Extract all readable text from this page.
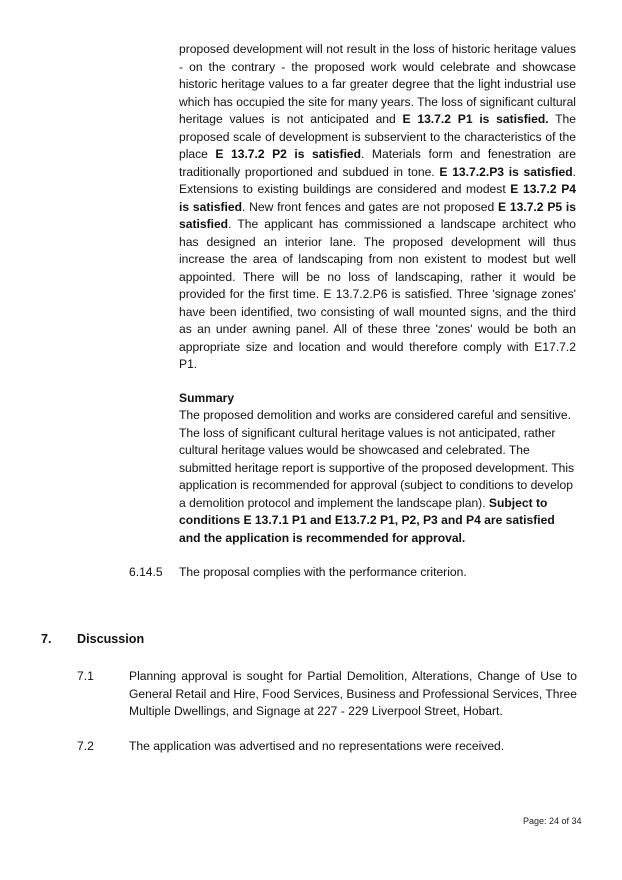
proposed development will not result in the loss of historic heritage values - on the contrary - the proposed work would celebrate and showcase historic heritage values to a far greater degree that the light industrial use which has occupied the site for many years. The loss of significant cultural heritage values is not anticipated and E 13.7.2 P1 is satisfied. The proposed scale of development is subservient to the characteristics of the place E 13.7.2 P2 is satisfied. Materials form and fenestration are traditionally proportioned and subdued in tone. E 13.7.2.P3 is satisfied. Extensions to existing buildings are considered and modest E 13.7.2 P4 is satisfied. New front fences and gates are not proposed E 13.7.2 P5 is satisfied. The applicant has commissioned a landscape architect who has designed an interior lane. The proposed development will thus increase the area of landscaping from non existent to modest but well appointed. There will be no loss of landscaping, rather it would be provided for the first time. E 13.7.2.P6 is satisfied. Three 'signage zones' have been identified, two consisting of wall mounted signs, and the third as an under awning panel. All of these three 'zones' would be both an appropriate size and location and would therefore comply with E17.7.2 P1.
Summary
The proposed demolition and works are considered careful and sensitive. The loss of significant cultural heritage values is not anticipated, rather cultural heritage values would be showcased and celebrated. The submitted heritage report is supportive of the proposed development. This application is recommended for approval (subject to conditions to develop a demolition protocol and implement the landscape plan). Subject to conditions E 13.7.1 P1 and E13.7.2 P1, P2, P3 and P4 are satisfied and the application is recommended for approval.
6.14.5 The proposal complies with the performance criterion.
7. Discussion
7.1	Planning approval is sought for Partial Demolition, Alterations, Change of Use to General Retail and Hire, Food Services, Business and Professional Services, Three Multiple Dwellings, and Signage at 227 - 229 Liverpool Street, Hobart.
7.2	The application was advertised and no representations were received.
Page: 24 of 34
